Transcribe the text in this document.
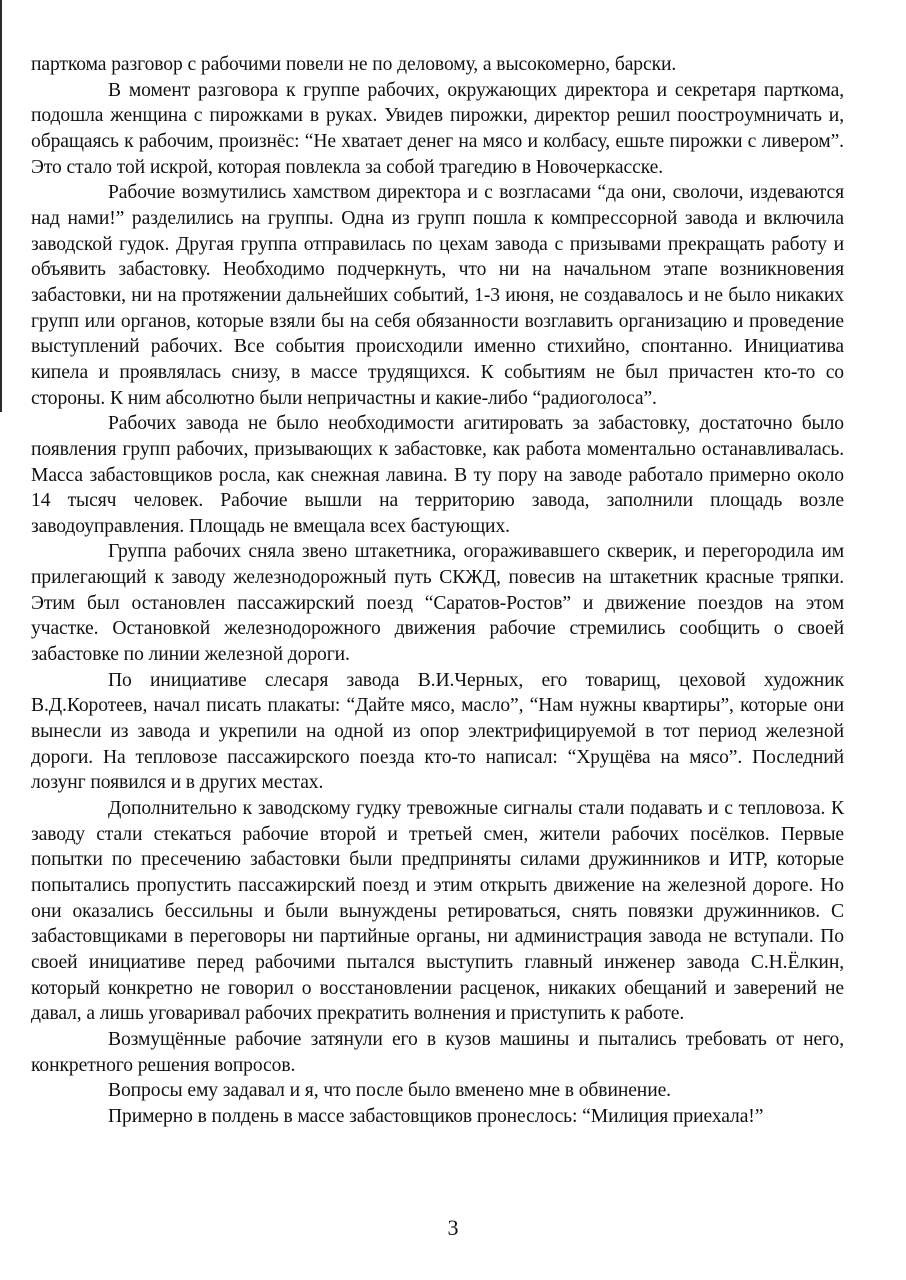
парткома разговор с рабочими повели не по деловому, а высокомерно, барски.

В момент разговора к группе рабочих, окружающих директора и секретаря парткома, подошла женщина с пирожками в руках. Увидев пирожки, директор решил поострoумничать и, обращаясь к рабочим, произнёс: “Не хватает денег на мясо и колбасу, ешьте пирожки с ливером”. Это стало той искрой, которая повлекла за собой трагедию в Новочеркасске.

Рабочие возмутились хамством директора и с возгласами “да они, сволочи, издеваются над нами!” разделились на группы. Одна из групп пошла к компрессорной завода и включила заводской гудок. Другая группа отправилась по цехам завода с призывами прекращать работу и объявить забастовку. Необходимо подчеркнуть, что ни на начальном этапе возникновения забастовки, ни на протяжении дальнейших событий, 1-3 июня, не создавалось и не было никаких групп или органов, которые взяли бы на себя обязанности возглавить организацию и проведение выступлений рабочих. Все события происходили именно стихийно, спонтанно. Инициатива кипела и проявлялась снизу, в массе трудящихся. К событиям не был причастен кто-то со стороны. К ним абсолютно были непричастны и какие-либо “радиоголоса”.

Рабочих завода не было необходимости агитировать за забастовку, достаточно было появления групп рабочих, призывающих к забастовке, как работа моментально останавливалась. Масса забастовщиков росла, как снежная лавина. В ту пору на заводе работало примерно около 14 тысяч человек. Рабочие вышли на территорию завода, заполнили площадь возле заводоуправления. Площадь не вмещала всех бастующих.

Группа рабочих сняла звено штакетника, огораживавшего скверик, и перегородила им прилегающий к заводу железнодорожный путь СКЖД, повесив на штакетник красные тряпки. Этим был остановлен пассажирский поезд “Саратов-Ростов” и движение поездов на этом участке. Остановкой железнодорожного движения рабочие стремились сообщить о своей забастовке по линии железной дороги.

По инициативе слесаря завода В.И.Черных, его товарищ, цеховой художник В.Д.Коротеев, начал писать плакаты: “Дайте мясо, масло”, “Нам нужны квартиры”, которые они вынесли из завода и укрепили на одной из опор электрифицируемой в тот период железной дороги. На тепловозе пассажирского поезда кто-то написал: “Хрущёва на мясо”. Последний лозунг появился и в других местах.

Дополнительно к заводскому гудку тревожные сигналы стали подавать и с тепловоза. К заводу стали стекаться рабочие второй и третьей смен, жители рабочих посёлков. Первые попытки по пресечению забастовки были предприняты силами дружинников и ИТР, которые попытались пропустить пассажирский поезд и этим открыть движение на железной дороге. Но они оказались бессильны и были вынуждены ретироваться, снять повязки дружинников. С забастовщиками в переговоры ни партийные органы, ни администрация завода не вступали. По своей инициативе перед рабочими пытался выступить главный инженер завода С.Н.Ёлкин, который конкретно не говорил о восстановлении расценок, никаких обещаний и заверений не давал, а лишь уговаривал рабочих прекратить волнения и приступить к работе.

Возмущённые рабочие затянули его в кузов машины и пытались требовать от него, конкретного решения вопросов.

Вопросы ему задавал и я, что после было вменено мне в обвинение.

Примерно в полдень в массе забастовщиков пронеслось: “Милиция приехала!”

3
